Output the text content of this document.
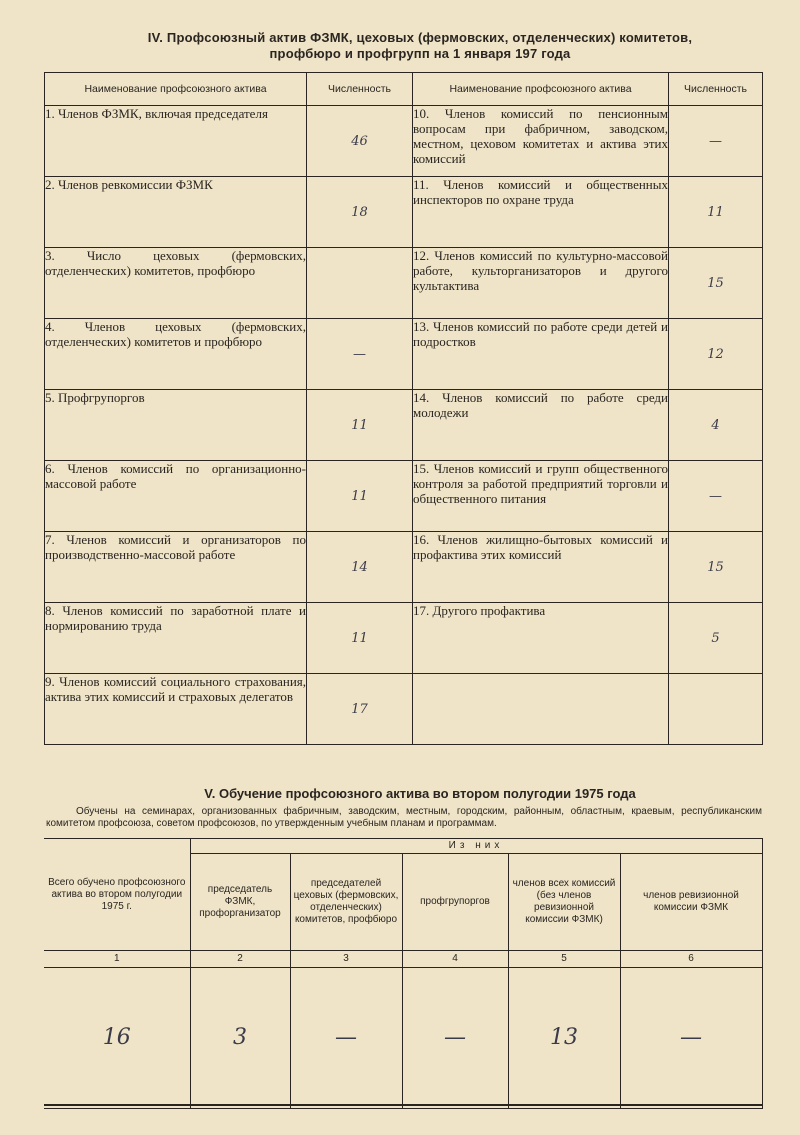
IV. Профсоюзный актив ФЗМК, цеховых (фермовских, отделенческих) комитетов,
профбюро и профгрупп на 1 января 197 года
Наименование профсоюзного актива	Численность	Наименование профсоюзного актива	Численность
1. Членов ФЗМК, включая председателя	46	10. Членов комиссий по пенсионным вопросам при фабричном, заводском, местном, цеховом комитетах и актива этих комиссий	—
2. Членов ревкомиссии ФЗМК	18	11. Членов комиссий и общественных инспекторов по охране труда	11
3. Число цеховых (фермовских, отделенческих) комитетов, профбюро		12. Членов комиссий по культурно-массовой работе, культорганизаторов и другого культактива	15
4. Членов цеховых (фермовских, отделенческих) комитетов и профбюро	—	13. Членов комиссий по работе среди детей и подростков	12
5. Профгрупоргов	11	14. Членов комиссий по работе среди молодежи	4
6. Членов комиссий по организационно-массовой работе	11	15. Членов комиссий и групп общественного контроля за работой предприятий торговли и общественного питания	—
7. Членов комиссий и организаторов по производственно-массовой работе	14	16. Членов жилищно-бытовых комиссий и профактива этих комиссий	15
8. Членов комиссий по заработной плате и нормированию труда	11	17. Другого профактива	5
9. Членов комиссий социального страхования, актива этих комиссий и страховых делегатов	17		
V. Обучение профсоюзного актива во втором полугодии 1975 года
Обучены на семинарах, организованных фабричным, заводским, местным, городским, районным, областным, краевым, республиканским комитетом профсоюза, советом профсоюзов, по утвержденным учебным планам и программам.
Всего обучено профсоюзного актива во втором полугодии 1975 г.	Из них				
	председатель ФЗМК, профорганизатор	председателей цеховых (фермовских, отделенческих) комитетов, профбюро	профгрупоргов	членов всех комиссий (без членов ревизионной комиссии ФЗМК)	членов ревизионной комиссии ФЗМК
1	2	3	4	5	6
16	3	—	—	13	—
